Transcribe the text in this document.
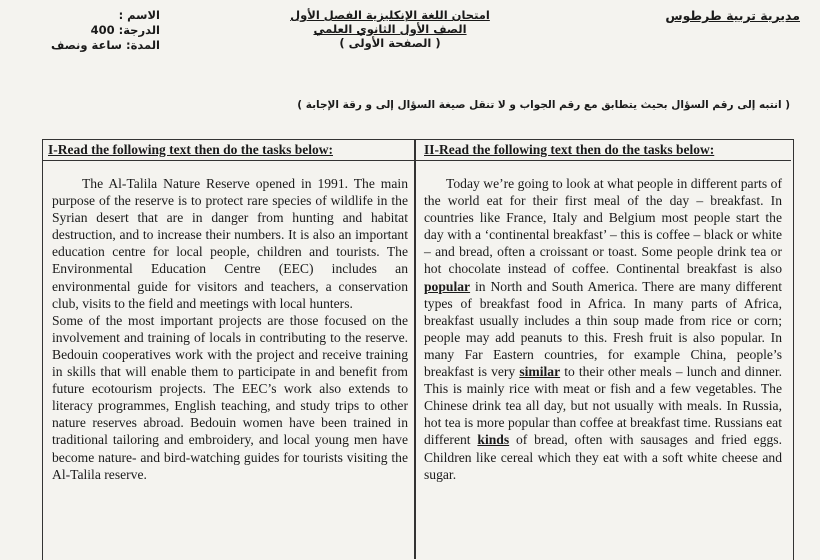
مديرية تربية طرطوس
امتحان اللغة الإنكليزية الفصل الأول
الصف الأول الثانوي العلمي
( الصفحة الأولى )
الاسم :
الدرجة: 400
المدة: ساعة ونصف
( انتبه إلى رقم السؤال بحيث يتطابق مع رقم الجواب و لا تنقل صيغة السؤال إلى و رقة الإجابة )
I-Read the following text then do the tasks below:

The Al-Talila Nature Reserve opened in 1991. The main purpose of the reserve is to protect rare species of wildlife in the Syrian desert that are in danger from hunting and habitat destruction, and to increase their numbers. It is also an important education centre for local people, children and tourists. The Environmental Education Centre (EEC) includes an environmental guide for visitors and teachers, a conservation club, visits to the field and meetings with local hunters.

Some of the most important projects are those focused on the involvement and training of locals in contributing to the reserve. Bedouin cooperatives work with the project and receive training in skills that will enable them to participate in and benefit from future ecotourism projects. The EEC’s work also extends to literacy programmes, English teaching, and study trips to other nature reserves abroad. Bedouin women have been trained in traditional tailoring and embroidery, and local young men have become nature- and bird-watching guides for tourists visiting the Al-Talila reserve.

II-Read the following text then do the tasks below:

Today we’re going to look at what people in different parts of the world eat for their first meal of the day – breakfast. In countries like France, Italy and Belgium most people start the day with a ‘continental breakfast’ – this is coffee – black or white – and bread, often a croissant or toast. Some people drink tea or hot chocolate instead of coffee. Continental breakfast is also popular in North and South America. There are many different types of breakfast food in Africa. In many parts of Africa, breakfast usually includes a thin soup made from rice or corn; people may add peanuts to this. Fresh fruit is also popular. In many Far Eastern countries, for example China, people’s breakfast is very similar to their other meals – lunch and dinner. This is mainly rice with meat or fish and a few vegetables. The Chinese drink tea all day, but not usually with meals. In Russia, hot tea is more popular than coffee at breakfast time. Russians eat different kinds of bread, often with sausages and fried eggs. Children like cereal which they eat with a soft white cheese and sugar.
